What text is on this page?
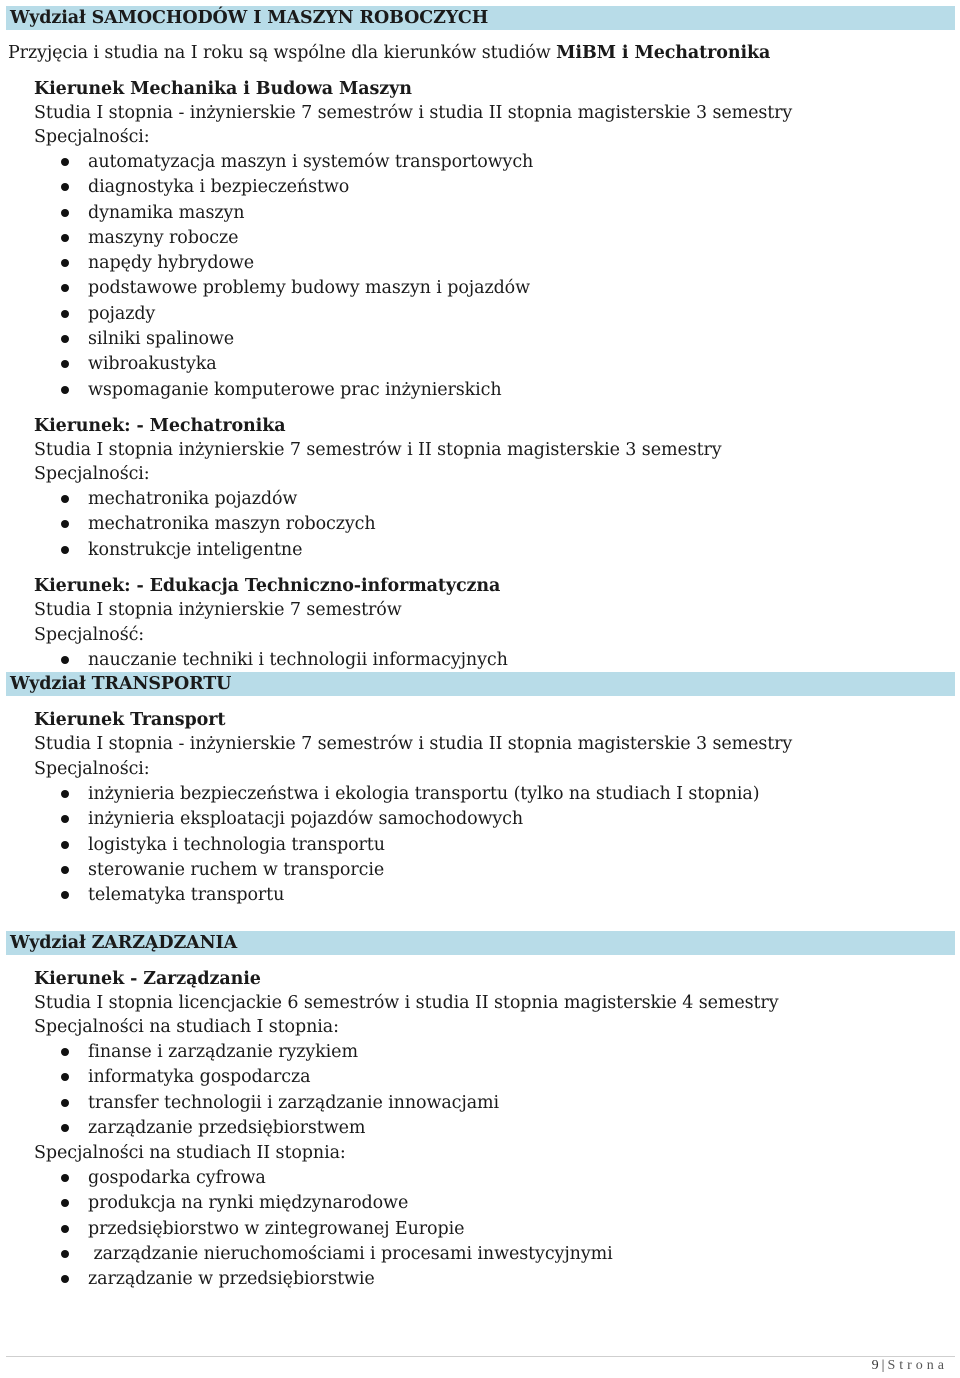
Wydział SAMOCHODÓW I MASZYN ROBOCZYCH
Przyjęcia i studia na I roku są wspólne dla kierunków studiów MiBM i Mechatronika
Kierunek Mechanika i Budowa Maszyn
Studia I stopnia - inżynierskie 7 semestrów i studia II stopnia magisterskie 3 semestry
Specjalności:
automatyzacja maszyn i systemów transportowych
diagnostyka i bezpieczeństwo
dynamika maszyn
maszyny robocze
napędy hybrydowe
podstawowe problemy budowy maszyn i pojazdów
pojazdy
silniki spalinowe
wibroakustyka
wspomaganie komputerowe prac inżynierskich
Kierunek: - Mechatronika
Studia I stopnia inżynierskie 7 semestrów i II stopnia magisterskie 3 semestry
Specjalności:
mechatronika pojazdów
mechatronika maszyn roboczych
konstrukcje inteligentne
Kierunek: - Edukacja Techniczno-informatyczna
Studia I stopnia inżynierskie 7 semestrów
Specjalność:
nauczanie techniki i technologii informacyjnych
Wydział TRANSPORTU
Kierunek Transport
Studia I stopnia - inżynierskie 7 semestrów i studia II stopnia magisterskie 3 semestry
Specjalności:
inżynieria bezpieczeństwa i ekologia transportu (tylko na studiach I stopnia)
inżynieria eksploatacji pojazdów samochodowych
logistyka i technologia transportu
sterowanie ruchem w transporcie
telematyka transportu
Wydział ZARZĄDZANIA
Kierunek - Zarządzanie
Studia I stopnia licencjackie 6 semestrów i studia II stopnia magisterskie 4 semestry
Specjalności na studiach I stopnia:
finanse i zarządzanie ryzykiem
informatyka gospodarcza
transfer technologii i zarządzanie innowacjami
zarządzanie przedsiębiorstwem
Specjalności na studiach II stopnia:
gospodarka cyfrowa
produkcja na rynki międzynarodowe
przedsiębiorstwo w zintegrowanej Europie
zarządzanie nieruchomościami i procesami inwestycyjnymi
zarządzanie w przedsiębiorstwie
9 | Strona
